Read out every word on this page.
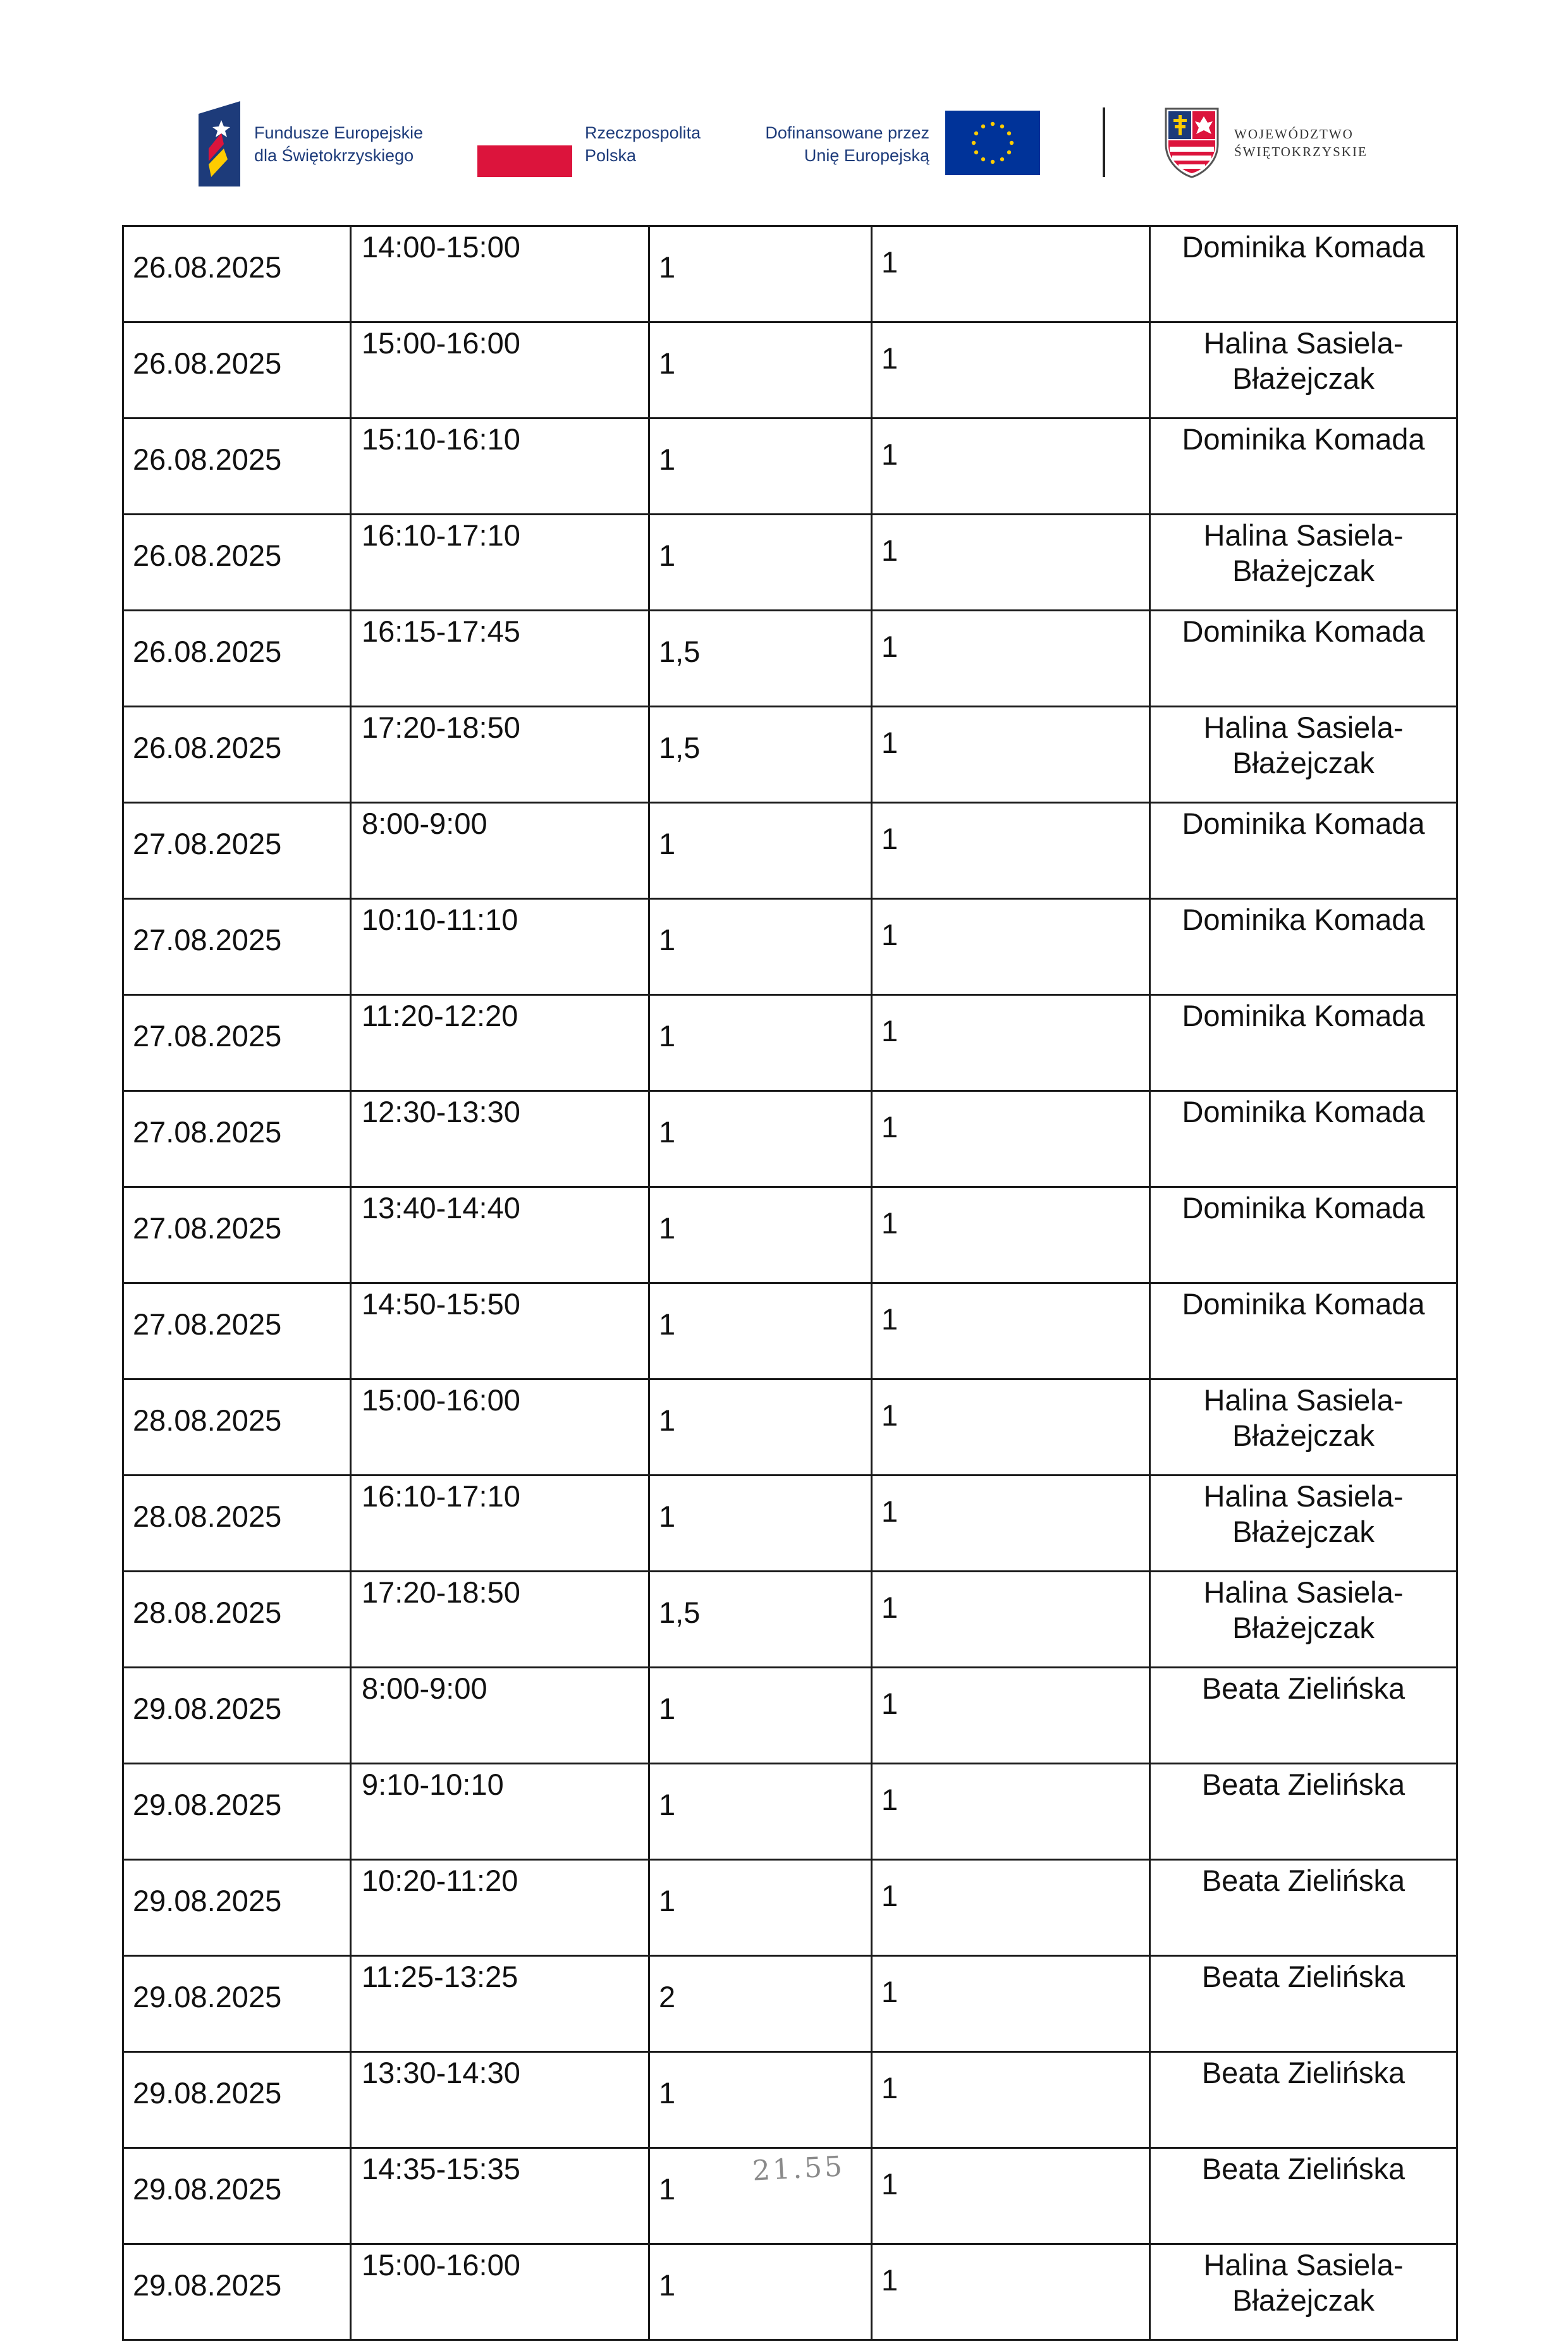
Fundusze Europejskie
dla Świętokrzyskiego
Rzeczpospolita
Polska
Dofinansowane przez
Unię Europejską
WOJEWÓDZTWO
ŚWIĘTOKRZYSKIE
26.08.2025	14:00-15:00	1	1	Dominika Komada

26.08.2025	15:00-16:00	1	1	Halina Sasiela-
Błażejczak

26.08.2025	15:10-16:10	1	1	Dominika Komada

26.08.2025	16:10-17:10	1	1	Halina Sasiela-
Błażejczak

26.08.2025	16:15-17:45	1,5	1	Dominika Komada

26.08.2025	17:20-18:50	1,5	1	Halina Sasiela-
Błażejczak

27.08.2025	8:00-9:00	1	1	Dominika Komada

27.08.2025	10:10-11:10	1	1	Dominika Komada

27.08.2025	11:20-12:20	1	1	Dominika Komada

27.08.2025	12:30-13:30	1	1	Dominika Komada

27.08.2025	13:40-14:40	1	1	Dominika Komada

27.08.2025	14:50-15:50	1	1	Dominika Komada

28.08.2025	15:00-16:00	1	1	Halina Sasiela-
Błażejczak

28.08.2025	16:10-17:10	1	1	Halina Sasiela-
Błażejczak

28.08.2025	17:20-18:50	1,5	1	Halina Sasiela-
Błażejczak

29.08.2025	8:00-9:00	1	1	Beata Zielińska

29.08.2025	9:10-10:10	1	1	Beata Zielińska

29.08.2025	10:20-11:20	1	1	Beata Zielińska

29.08.2025	11:25-13:25	2	1	Beata Zielińska

29.08.2025	13:30-14:30	1	1	Beata Zielińska

29.08.2025	14:35-15:35	1	1	Beata Zielińska

29.08.2025	15:00-16:00	1	1	Halina Sasiela-
Błażejczak
21.55
